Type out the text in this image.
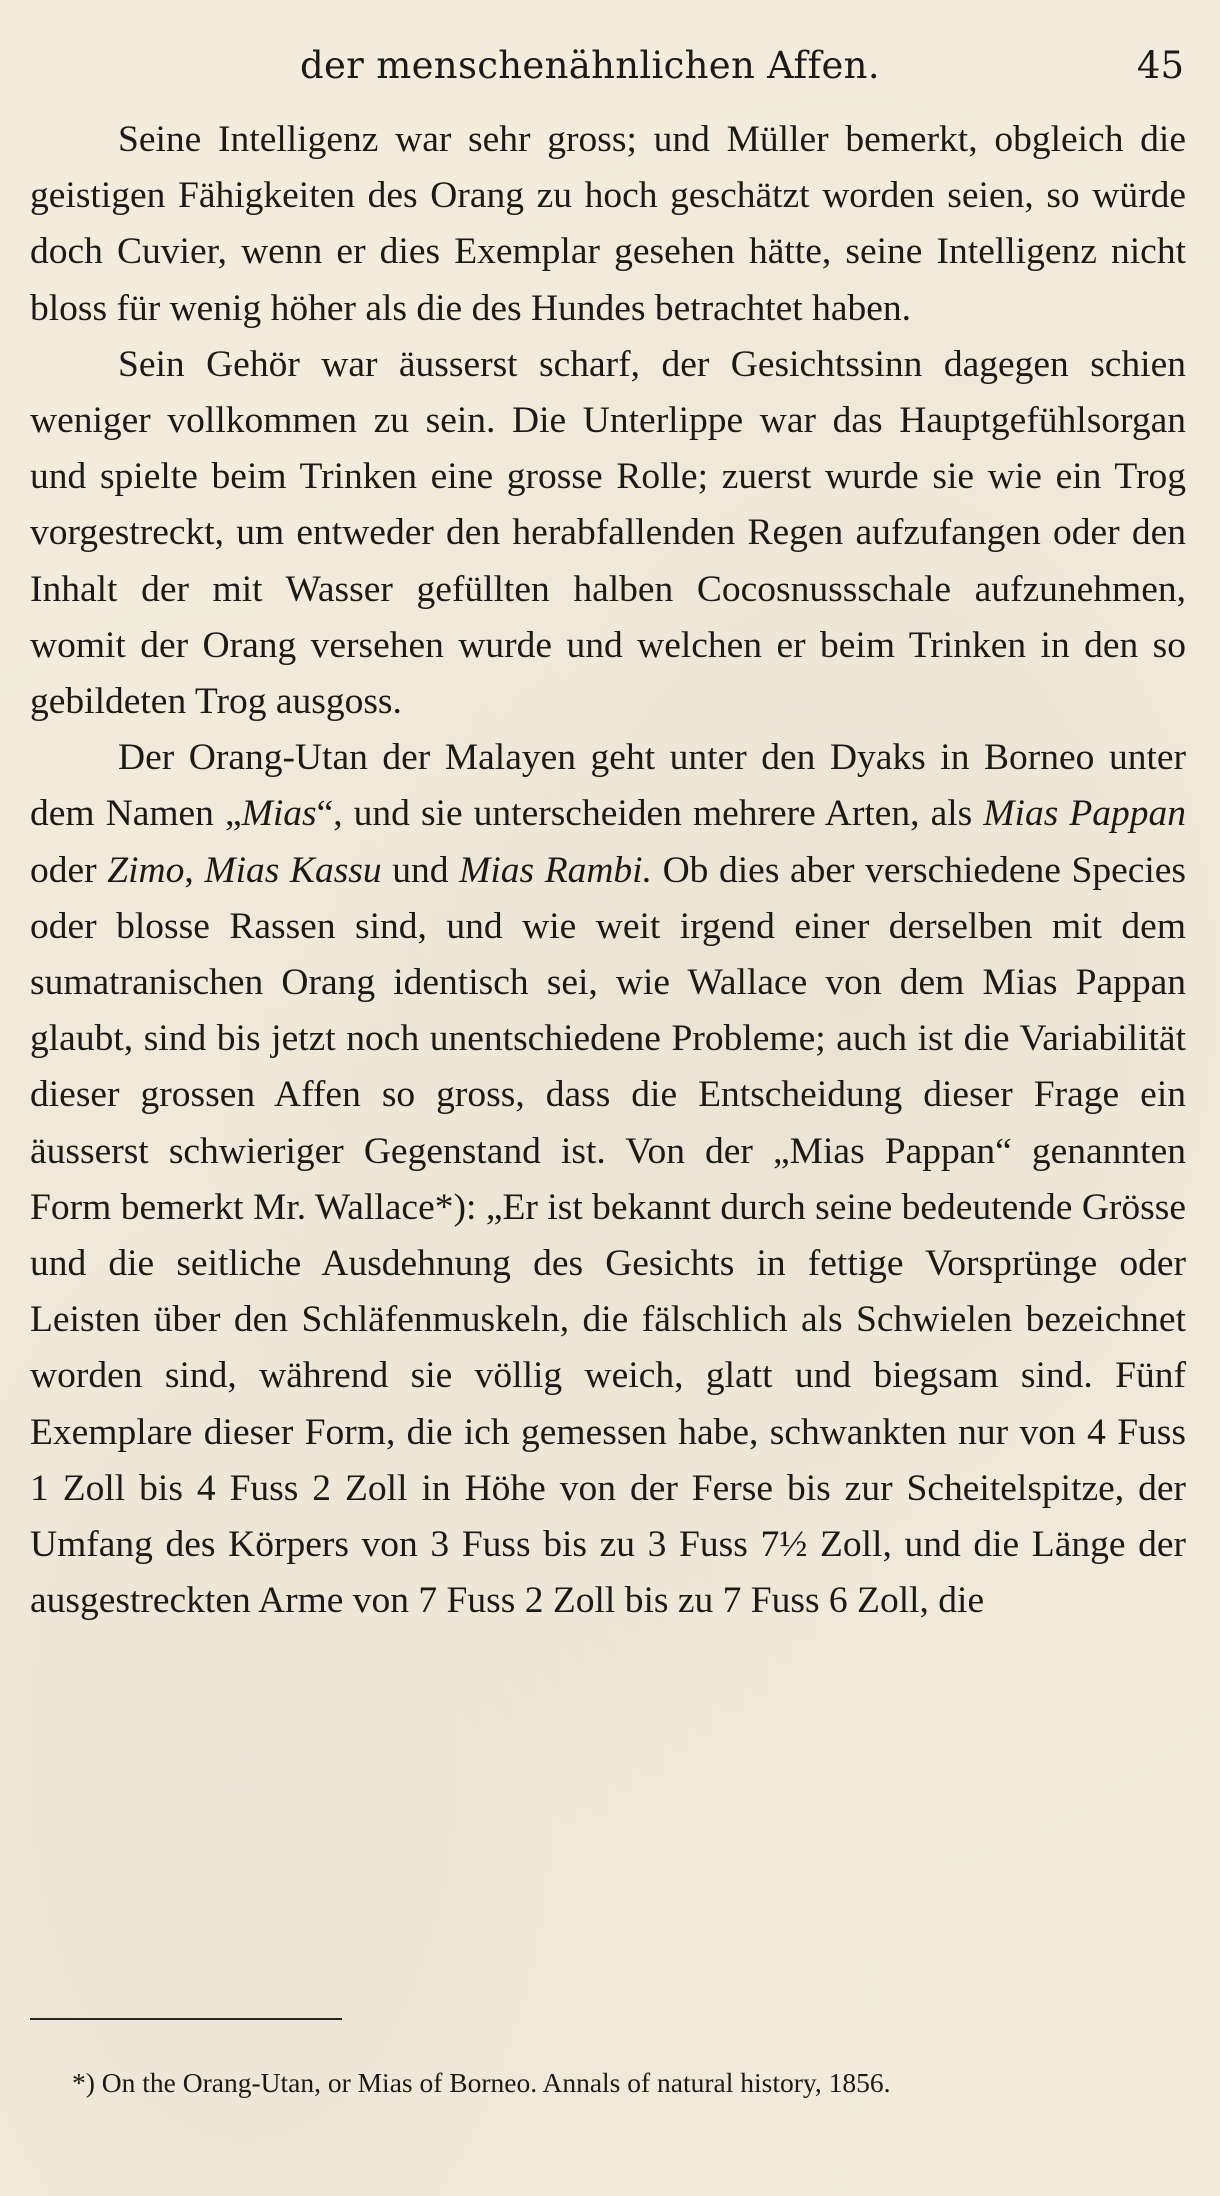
der menschenähnlichen Affen.	45

Seine Intelligenz war sehr gross; und Müller bemerkt, obgleich die geistigen Fähigkeiten des Orang zu hoch geschätzt worden seien, so würde doch Cuvier, wenn er dies Exemplar gesehen hätte, seine Intelligenz nicht bloss für wenig höher als die des Hundes betrachtet haben.

Sein Gehör war äusserst scharf, der Gesichtssinn dagegen schien weniger vollkommen zu sein. Die Unterlippe war das Hauptgefühlsorgan und spielte beim Trinken eine grosse Rolle; zuerst wurde sie wie ein Trog vorgestreckt, um entweder den herabfallenden Regen aufzufangen oder den Inhalt der mit Wasser gefüllten halben Cocosnussschale aufzunehmen, womit der Orang versehen wurde und welchen er beim Trinken in den so gebildeten Trog ausgoss.

Der Orang-Utan der Malayen geht unter den Dyaks in Borneo unter dem Namen „Mias“, und sie unterscheiden mehrere Arten, als Mias Pappan oder Zimo, Mias Kassu und Mias Rambi. Ob dies aber verschiedene Species oder blosse Rassen sind, und wie weit irgend einer derselben mit dem sumatranischen Orang identisch sei, wie Wallace von dem Mias Pappan glaubt, sind bis jetzt noch unentschiedene Probleme; auch ist die Variabilität dieser grossen Affen so gross, dass die Entscheidung dieser Frage ein äusserst schwieriger Gegenstand ist. Von der „Mias Pappan“ genannten Form bemerkt Mr. Wallace*): „Er ist bekannt durch seine bedeutende Grösse und die seitliche Ausdehnung des Gesichts in fettige Vorsprünge oder Leisten über den Schläfenmuskeln, die fälschlich als Schwielen bezeichnet worden sind, während sie völlig weich, glatt und biegsam sind. Fünf Exemplare dieser Form, die ich gemessen habe, schwankten nur von 4 Fuss 1 Zoll bis 4 Fuss 2 Zoll in Höhe von der Ferse bis zur Scheitelspitze, der Umfang des Körpers von 3 Fuss bis zu 3 Fuss 7½ Zoll, und die Länge der ausgestreckten Arme von 7 Fuss 2 Zoll bis zu 7 Fuss 6 Zoll, die

*) On the Orang-Utan, or Mias of Borneo. Annals of natural history, 1856.
